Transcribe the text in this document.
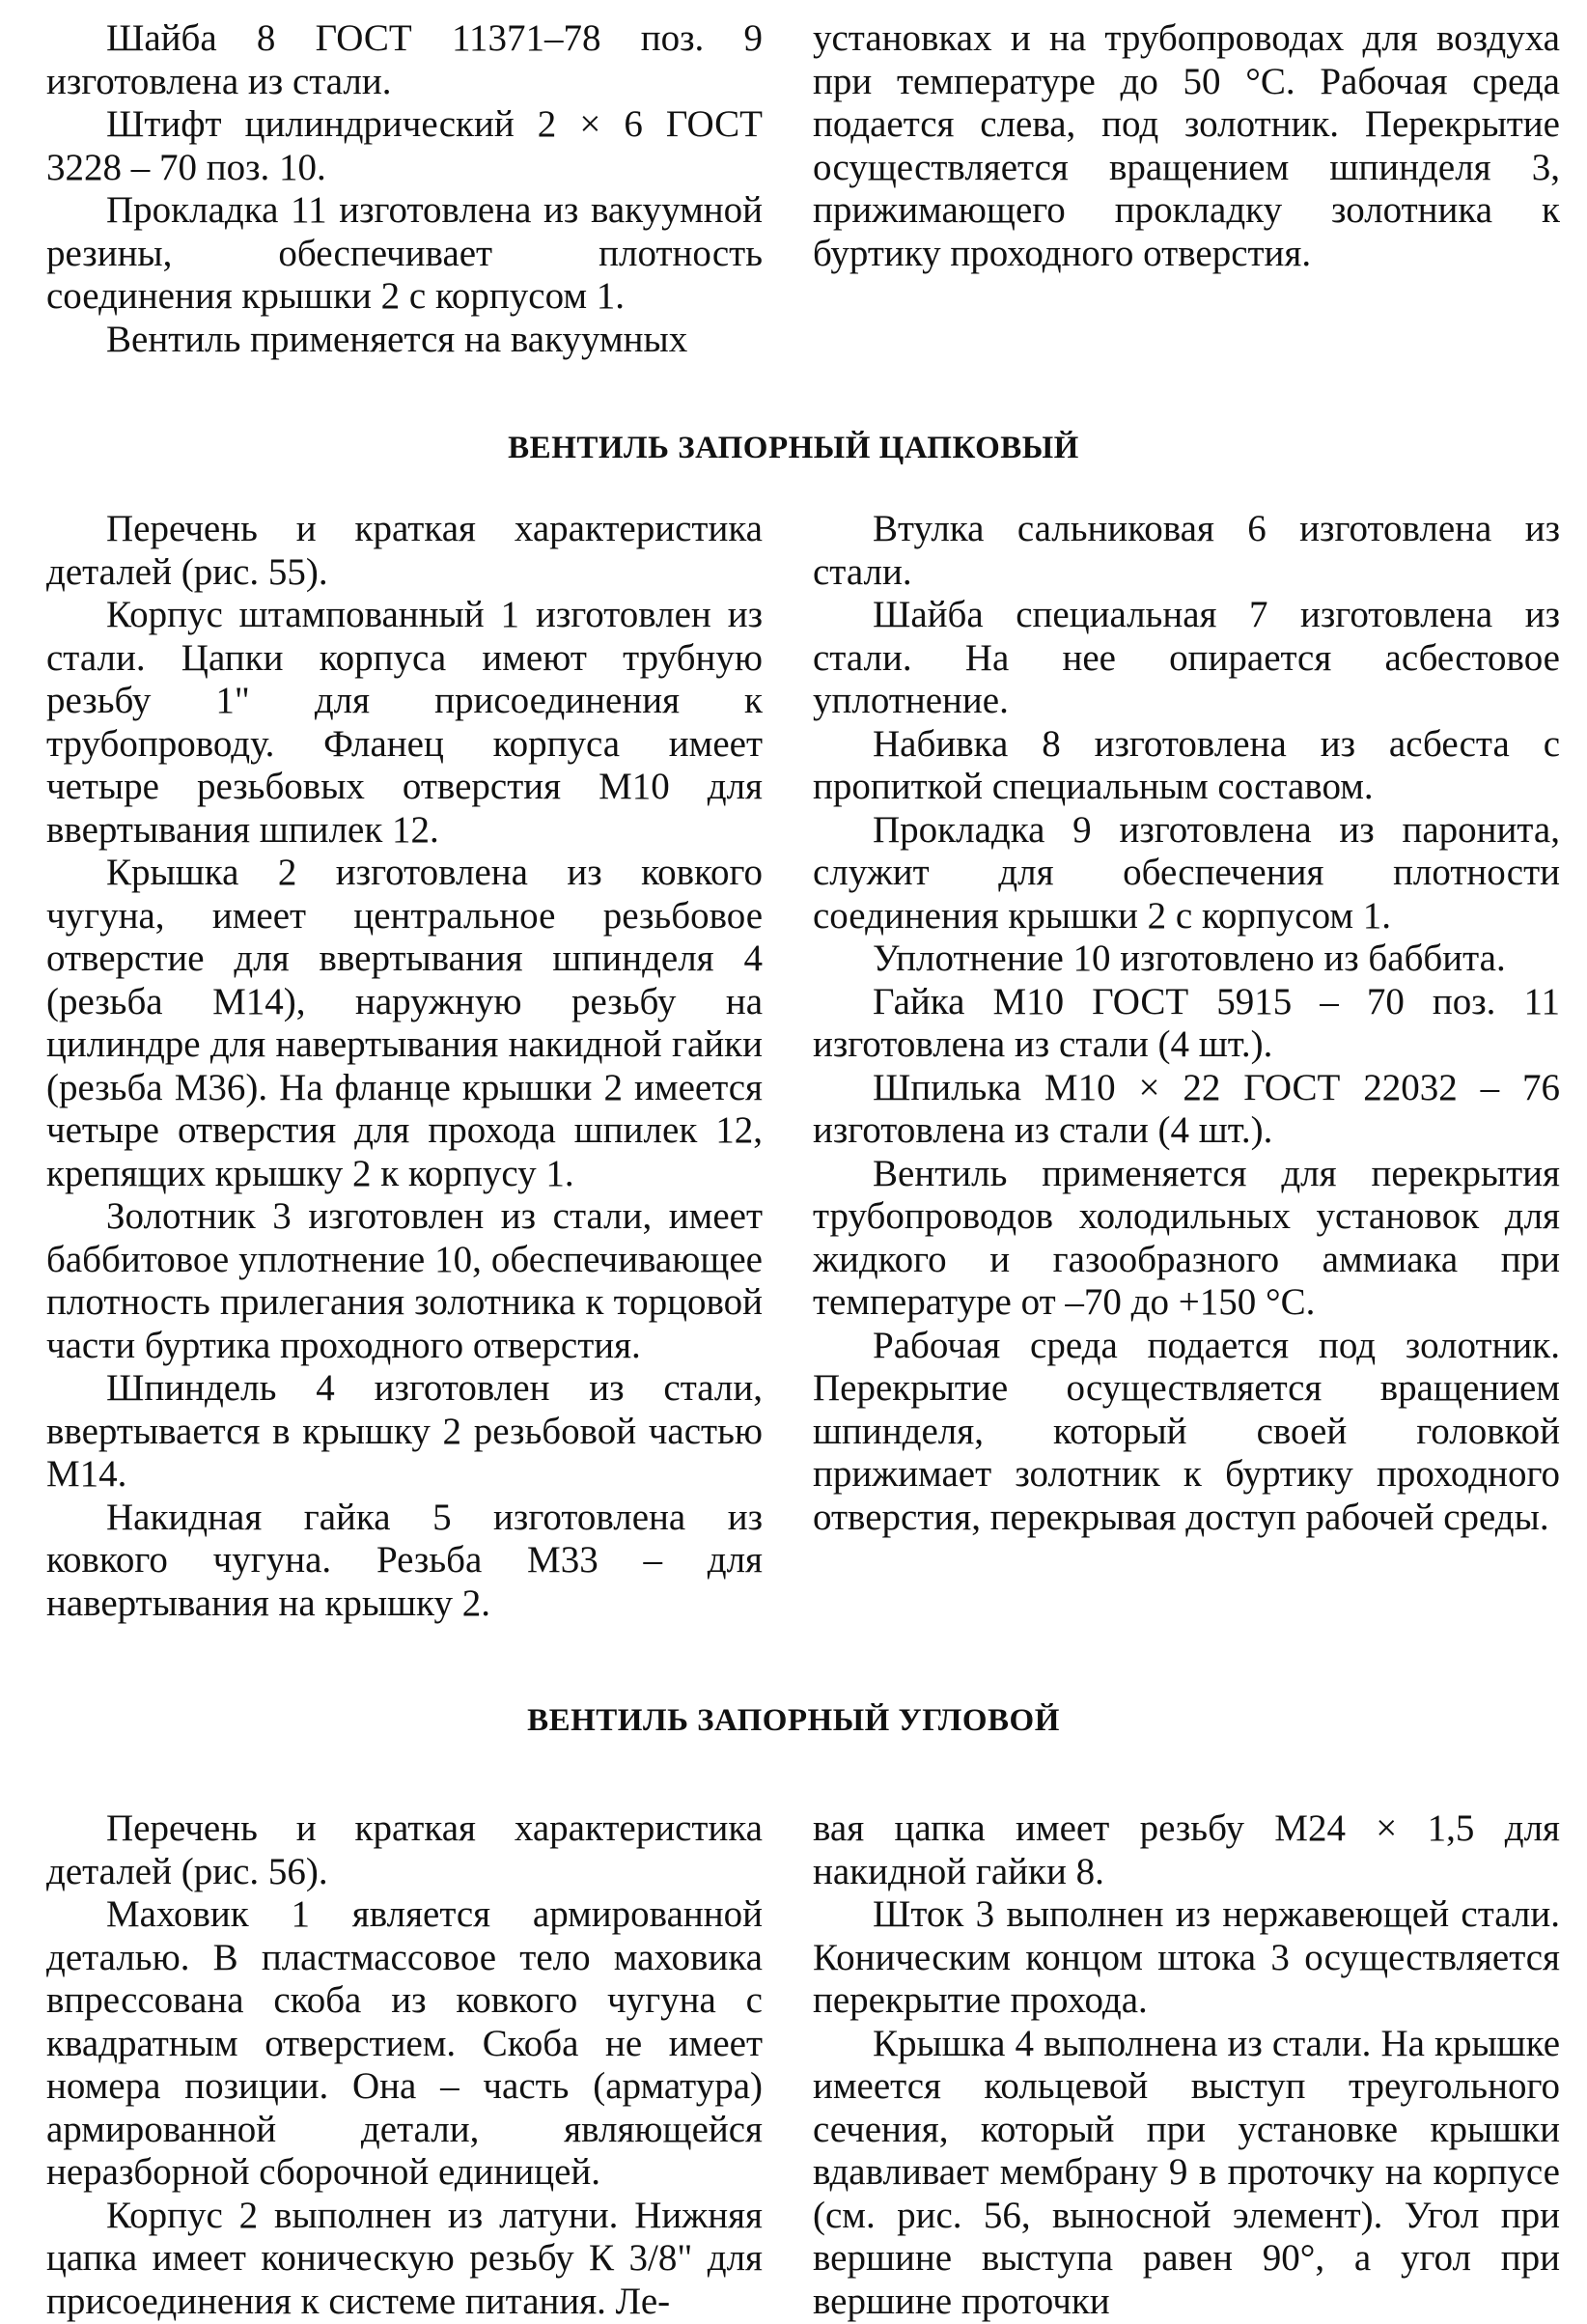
Шайба 8 ГОСТ 11371–78 поз. 9 изготовлена из стали.

Штифт цилиндрический 2 × 6 ГОСТ 3228 – 70 поз. 10.

Прокладка 11 изготовлена из вакуумной резины, обеспечивает плотность соединения крышки 2 с корпусом 1.

Вентиль применяется на вакуумных

установках и на трубопроводах для воздуха при температуре до 50 °С. Рабочая среда подается слева, под золотник. Перекрытие осуществляется вращением шпинделя 3, прижимающего прокладку золотника к буртику проходного отверстия.

ВЕНТИЛЬ ЗАПОРНЫЙ ЦАПКОВЫЙ

Перечень и краткая характеристика деталей (рис. 55).

Корпус штампованный 1 изготовлен из стали. Цапки корпуса имеют трубную резьбу 1" для присоединения к трубопроводу. Фланец корпуса имеет четыре резьбовых отверстия М10 для ввертывания шпилек 12.

Крышка 2 изготовлена из ковкого чугуна, имеет центральное резьбовое отверстие для ввертывания шпинделя 4 (резьба М14), наружную резьбу на цилиндре для навертывания накидной гайки (резьба М36). На фланце крышки 2 имеется четыре отверстия для прохода шпилек 12, крепящих крышку 2 к корпусу 1.

Золотник 3 изготовлен из стали, имеет баббитовое уплотнение 10, обеспечивающее плотность прилегания золотника к торцовой части буртика проходного отверстия.

Шпиндель 4 изготовлен из стали, ввертывается в крышку 2 резьбовой частью М14.

Накидная гайка 5 изготовлена из ковкого чугуна. Резьба М33 – для навертывания на крышку 2.

Втулка сальниковая 6 изготовлена из стали.

Шайба специальная 7 изготовлена из стали. На нее опирается асбестовое уплотнение.

Набивка 8 изготовлена из асбеста с пропиткой специальным составом.

Прокладка 9 изготовлена из паронита, служит для обеспечения плотности соединения крышки 2 с корпусом 1.

Уплотнение 10 изготовлено из баббита.

Гайка М10 ГОСТ 5915 – 70 поз. 11 изготовлена из стали (4 шт.).

Шпилька М10 × 22 ГОСТ 22032 – 76 изготовлена из стали (4 шт.).

Вентиль применяется для перекрытия трубопроводов холодильных установок для жидкого и газообразного аммиака при температуре от –70 до +150 °С.

Рабочая среда подается под золотник. Перекрытие осуществляется вращением шпинделя, который своей головкой прижимает золотник к буртику проходного отверстия, перекрывая доступ рабочей среды.

ВЕНТИЛЬ ЗАПОРНЫЙ УГЛОВОЙ

Перечень и краткая характеристика деталей (рис. 56).

Маховик 1 является армированной деталью. В пластмассовое тело маховика впрессована скоба из ковкого чугуна с квадратным отверстием. Скоба не имеет номера позиции. Она – часть (арматура) армированной детали, являющейся неразборной сборочной единицей.

Корпус 2 выполнен из латуни. Нижняя цапка имеет коническую резьбу К 3/8" для присоединения к системе питания. Ле-

вая цапка имеет резьбу М24 × 1,5 для накидной гайки 8.

Шток 3 выполнен из нержавеющей стали. Коническим концом штока 3 осуществляется перекрытие прохода.

Крышка 4 выполнена из стали. На крышке имеется кольцевой выступ треугольного сечения, который при установке крышки вдавливает мембрану 9 в проточку на корпусе (см. рис. 56, выносной элемент). Угол при вершине выступа равен 90°, а угол при вершине проточки
